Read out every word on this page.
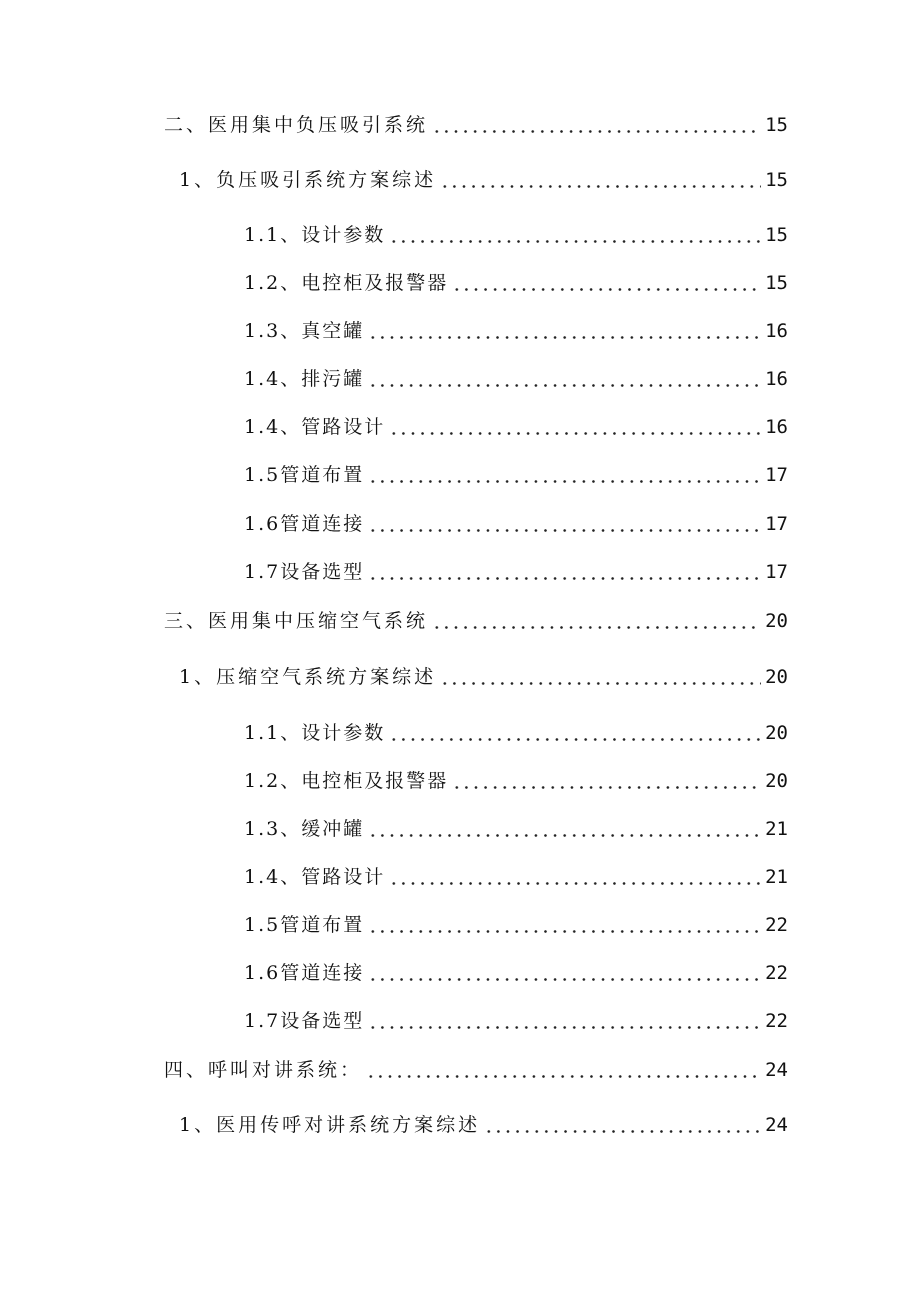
二、医用集中负压吸引系统	15
1、负压吸引系统方案综述	15
1.1、设计参数	15
1.2、电控柜及报警器	15
1.3、真空罐	16
1.4、排污罐	16
1.4、管路设计	16
1.5管道布置	17
1.6管道连接	17
1.7设备选型	17
三、医用集中压缩空气系统	20
1、压缩空气系统方案综述	20
1.1、设计参数	20
1.2、电控柜及报警器	20
1.3、缓冲罐	21
1.4、管路设计	21
1.5管道布置	22
1.6管道连接	22
1.7设备选型	22
四、呼叫对讲系统：	24
1、医用传呼对讲系统方案综述	24
